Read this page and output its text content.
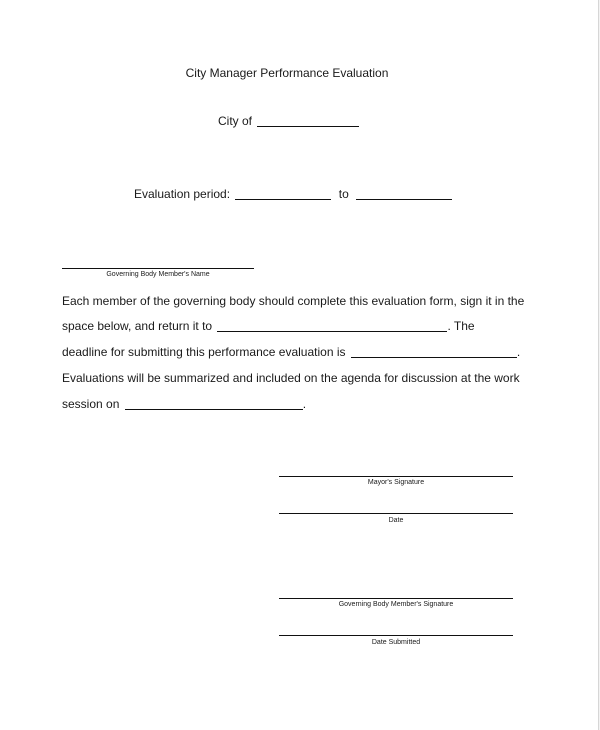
City Manager Performance Evaluation
City of
Evaluation period:	to
Governing Body Member's Name
Each member of the governing body should complete this evaluation form, sign it in the
space below, and return it to	. The
deadline for submitting this performance evaluation is	.
Evaluations will be summarized and included on the agenda for discussion at the work
session on	.
Mayor's Signature
Date
Governing Body Member's Signature
Date Submitted
